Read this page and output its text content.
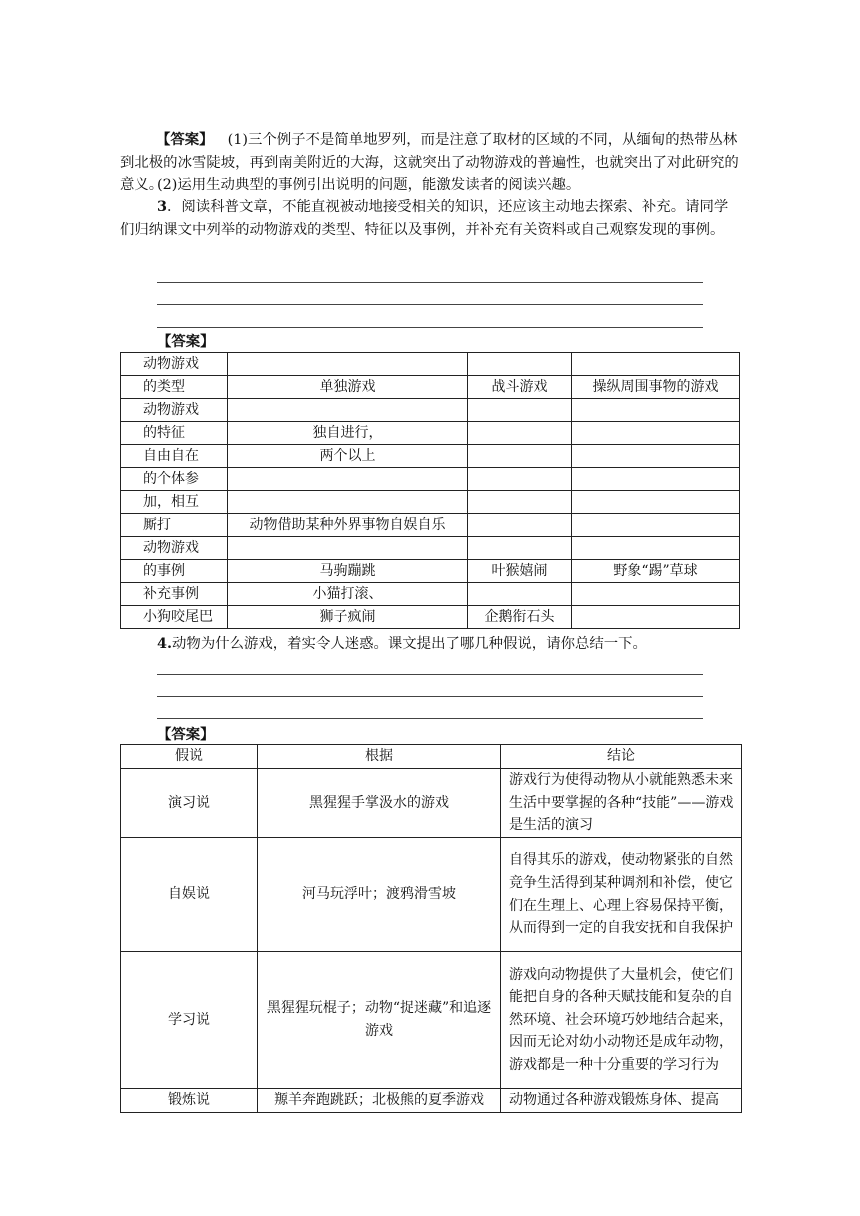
【答案】 (1)三个例子不是简单地罗列，而是注意了取材的区域的不同，从缅甸的热带丛林到北极的冰雪陡坡，再到南美附近的大海，这就突出了动物游戏的普遍性，也就突出了对此研究的意义。
(2)运用生动典型的事例引出说明的问题，能激发读者的阅读兴趣。
3．阅读科普文章，不能直视被动地接受相关的知识，还应该主动地去探索、补充。请同学们归纳课文中列举的动物游戏的类型、特征以及事例，并补充有关资料或自己观察发现的事例。
【答案】
动物游戏			
的类型	单独游戏	战斗游戏	操纵周围事物的游戏
动物游戏			
的特征	独自进行，		
自由自在	两个以上		
的个体参			
加，相互			
厮打	动物借助某种外界事物自娱自乐		
动物游戏			
的事例	马驹蹦跳	叶猴嬉闹	野象“踢”草球
补充事例	小猫打滚、		
小狗咬尾巴	狮子疯闹	企鹅衔石头	
4.动物为什么游戏，着实令人迷惑。课文提出了哪几种假说，请你总结一下。
【答案】
假说	根据	结论
演习说	黑猩猩手掌汲水的游戏	游戏行为使得动物从小就能熟悉未来生活中要掌握的各种“技能”——游戏是生活的演习
自娱说	河马玩浮叶；渡鸦滑雪坡	自得其乐的游戏，使动物紧张的自然竞争生活得到某种调剂和补偿，使它们在生理上、心理上容易保持平衡，从而得到一定的自我安抚和自我保护
学习说	黑猩猩玩棍子；动物“捉迷藏”和追逐游戏	游戏向动物提供了大量机会，使它们能把自身的各种天赋技能和复杂的自然环境、社会环境巧妙地结合起来，因而无论对幼小动物还是成年动物，游戏都是一种十分重要的学习行为
锻炼说	羱羊奔跑跳跃；北极熊的夏季游戏	动物通过各种游戏锻炼身体、提高
